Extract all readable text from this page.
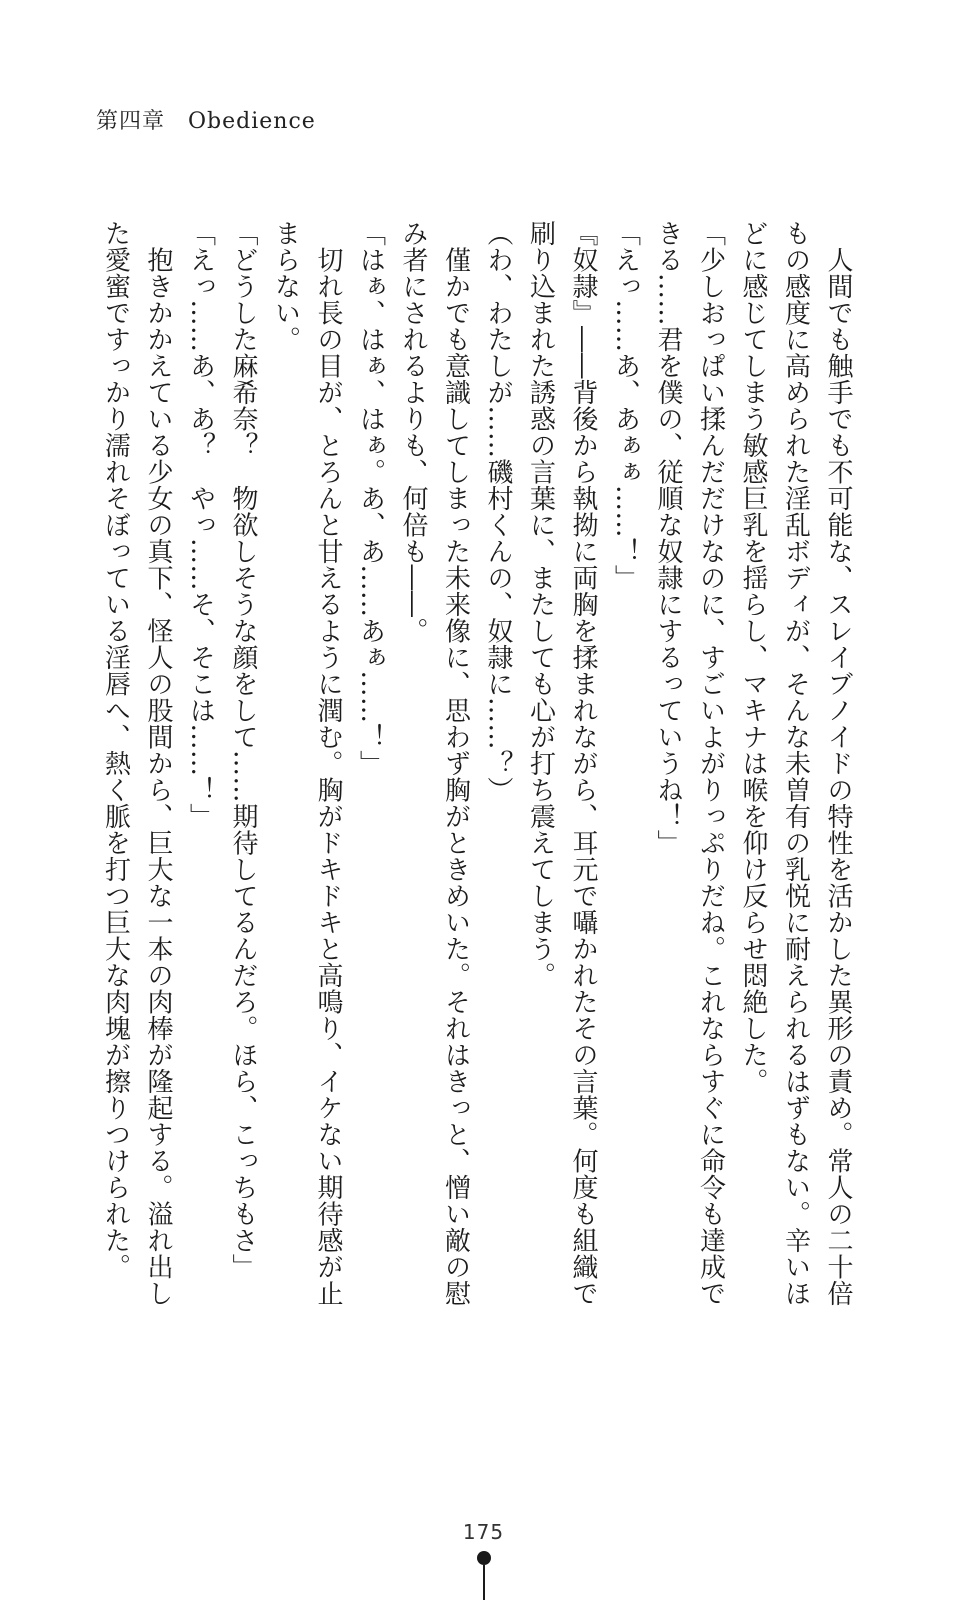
第四章　Obedience

　人間でも触手でも不可能な、スレイブノイドの特性を活かした異形の責め。常人の二十倍もの感度に高められた淫乱ボディが、そんな未曽有の乳悦に耐えられるはずもない。辛いほどに感じてしまう敏感巨乳を揺らし、マキナは喉を仰け反らせ悶絶した。

「少しおっぱい揉んだだけなのに、すごいよがりっぷりだね。これならすぐに命令も達成できる……君を僕の、従順な奴隷にするっていうね！」

「えっ……あ、あぁぁ……！」

『奴隷』――背後から執拗に両胸を揉まれながら、耳元で囁かれたその言葉。何度も組織で刷り込まれた誘惑の言葉に、またしても心が打ち震えてしまう。

（わ、わたしが……磯村くんの、奴隷に……？）

　僅かでも意識してしまった未来像に、思わず胸がときめいた。それはきっと、憎い敵の慰み者にされるよりも、何倍も――。

「はぁ、はぁ、はぁ。あ、あ……あぁ……！」

　切れ長の目が、とろんと甘えるように潤む。胸がドキドキと高鳴り、イケない期待感が止まらない。

「どうした麻希奈？　物欲しそうな顔をして……期待してるんだろ。ほら、こっちもさ」

「えっ……あ、あ？　やっ……そ、そこは……！」

　抱きかかえている少女の真下、怪人の股間から、巨大な一本の肉棒が隆起する。溢れ出した愛蜜ですっかり濡れそぼっている淫唇へ、熱く脈を打つ巨大な肉塊が擦りつけられた。

175
